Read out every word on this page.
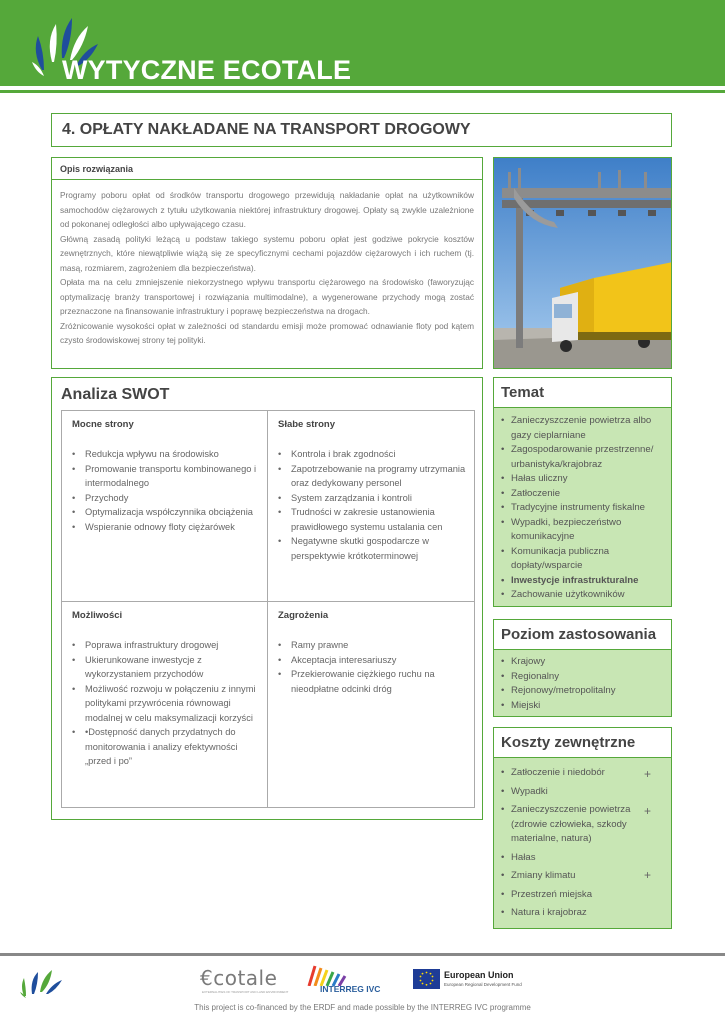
WYTYCZNE ECOTALE
4. OPŁATY NAKŁADANE NA TRANSPORT DROGOWY
Opis rozwiązania

Programy poboru opłat od środków transportu drogowego przewidują nakładanie opłat na użytkowników samochodów ciężarowych z tytułu użytkowania niektórej infrastruktury drogowej. Opłaty są zwykle uzależnione od pokonanej odległości albo upływającego czasu.

Główną zasadą polityki leżącą u podstaw takiego systemu poboru opłat jest godziwe pokrycie kosztów zewnętrznych, które niewątpliwie wiążą się ze specyficznymi cechami pojazdów ciężarowych i ich ruchem (tj. masą, rozmiarem, zagrożeniem dla bezpieczeństwa).

Opłata ma na celu zmniejszenie niekorzystnego wpływu transportu ciężarowego na środowisko (faworyzując optymalizację branży transportowej i rozwiązania multimodalne), a wygenerowane przychody mogą zostać przeznaczone na finansowanie infrastruktury i poprawę bezpieczeństwa na drogach.

Zróżnicowanie wysokości opłat w zależności od standardu emisji może promować odnawianie floty pod kątem czysto środowiskowej strony tej polityki.

Analiza SWOT
Mocne strony
• Redukcja wpływu na środowisko
• Promowanie transportu kombinowanego i intermodalnego
• Przychody
• Optymalizacja współczynnika obciążenia
• Wspieranie odnowy floty ciężarówek
Słabe strony
• Kontrola i brak zgodności
• Zapotrzebowanie na programy utrzymania oraz dedykowany personel
• System zarządzania i kontroli
• Trudności w zakresie ustanowienia prawidłowego systemu ustalania cen
• Negatywne skutki gospodarcze w perspektywie krótkoterminowej
Możliwości
• Poprawa infrastruktury drogowej
• Ukierunkowane inwestycje z wykorzystaniem przychodów
• Możliwość rozwoju w połączeniu z innymi politykami przywrócenia równowagi modalnej w celu maksymalizacji korzyści
• •Dostępność danych przydatnych do monitorowania i analizy efektywności „przed i po”
Zagrożenia
• Ramy prawne
• Akceptacja interesariuszy
• Przekierowanie ciężkiego ruchu na nieodpłatne odcinki dróg
Temat
• Zanieczyszczenie powietrza albo gazy cieplarniane
• Zagospodarowanie przestrzenne/ urbanistyka/krajobraz
• Hałas uliczny
• Zatłoczenie
• Tradycyjne instrumenty fiskalne
• Wypadki, bezpieczeństwo komunikacyjne
• Komunikacja publiczna dopłaty/wsparcie
• Inwestycje infrastrukturalne
• Zachowanie użytkowników
Poziom zastosowania
• Krajowy
• Regionalny
• Rejonowy/metropolitalny
• Miejski
Koszty zewnętrzne
• Zatłoczenie i niedobór
• Wypadki
• Zanieczyszczenie powietrza (zdrowie człowieka, szkody materialne, natura)
• Hałas
• Zmiany klimatu
• Przestrzeń miejska
• Natura i krajobraz
+
+
+
€cotale
EXTERNALITIES OF TRANSPORT AND LAND ENVIRONMENT	INTERREG IVC
European Union
European Regional Development Fund
This project is co-financed by the ERDF and made possible by the INTERREG IVC programme
